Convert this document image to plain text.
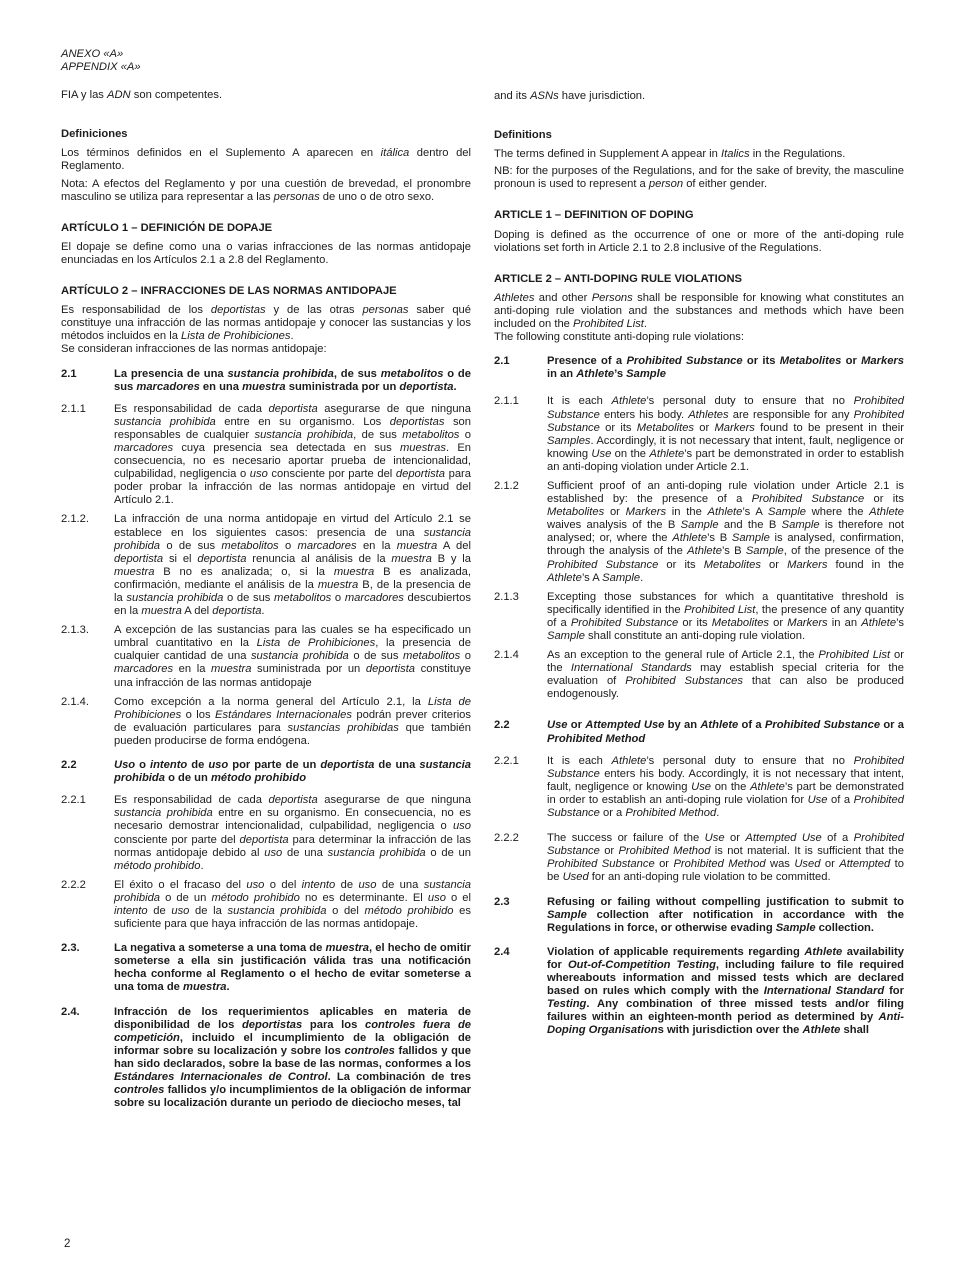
ANEXO «A»
APPENDIX «A»
FIA y las ADN son competentes.
Definiciones
Los términos definidos en el Suplemento A aparecen en itálica dentro del Reglamento.
Nota: A efectos del Reglamento y por una cuestión de brevedad, el pronombre masculino se utiliza para representar a las personas de uno o de otro sexo.
ARTÍCULO 1 – DEFINICIÓN DE DOPAJE
El dopaje se define como una o varias infracciones de las normas antidopaje enunciadas en los Artículos 2.1 a 2.8 del Reglamento.
ARTÍCULO 2 – INFRACCIONES DE LAS NORMAS ANTIDOPAJE
Es responsabilidad de los deportistas y de las otras personas saber qué constituye una infracción de las normas antidopaje y conocer las sustancias y los métodos incluidos en la Lista de Prohibiciones.
Se consideran infracciones de las normas antidopaje:
2.1	La presencia de una sustancia prohibida, de sus metabolitos o de sus marcadores en una muestra suministrada por un deportista.
2.1.1	Es responsabilidad de cada deportista asegurarse de que ninguna sustancia prohibida entre en su organismo. Los deportistas son responsables de cualquier sustancia prohibida, de sus metabolitos o marcadores cuya presencia sea detectada en sus muestras. En consecuencia, no es necesario aportar prueba de intencionalidad, culpabilidad, negligencia o uso consciente por parte del deportista para poder probar la infracción de las normas antidopaje en virtud del Artículo 2.1.
2.1.2.	La infracción de una norma antidopaje en virtud del Artículo 2.1 se establece en los siguientes casos: presencia de una sustancia prohibida o de sus metabolitos o marcadores en la muestra A del deportista si el deportista renuncia al análisis de la muestra B y la muestra B no es analizada; o, si la muestra B es analizada, confirmación, mediante el análisis de la muestra B, de la presencia de la sustancia prohibida o de sus metabolitos o marcadores descubiertos en la muestra A del deportista.
2.1.3.	A excepción de las sustancias para las cuales se ha especificado un umbral cuantitativo en la Lista de Prohibiciones, la presencia de cualquier cantidad de una sustancia prohibida o de sus metabolitos o marcadores en la muestra suministrada por un deportista constituye una infracción de las normas antidopaje
2.1.4.	Como excepción a la norma general del Artículo 2.1, la Lista de Prohibiciones o los Estándares Internacionales podrán prever criterios de evaluación particulares para sustancias prohibidas que también pueden producirse de forma endógena.
2.2	Uso o intento de uso por parte de un deportista de una sustancia prohibida o de un método prohibido
2.2.1	Es responsabilidad de cada deportista asegurarse de que ninguna sustancia prohibida entre en su organismo. En consecuencia, no es necesario demostrar intencionalidad, culpabilidad, negligencia o uso consciente por parte del deportista para determinar la infracción de las normas antidopaje debido al uso de una sustancia prohibida o de un método prohibido.
2.2.2	El éxito o el fracaso del uso o del intento de uso de una sustancia prohibida o de un método prohibido no es determinante. El uso o el intento de uso de la sustancia prohibida o del método prohibido es suficiente para que haya infracción de las normas antidopaje.
2.3.	La negativa a someterse a una toma de muestra, el hecho de omitir someterse a ella sin justificación válida tras una notificación hecha conforme al Reglamento o el hecho de evitar someterse a una toma de muestra.
2.4.	Infracción de los requerimientos aplicables en materia de disponibilidad de los deportistas para los controles fuera de competición, incluido el incumplimiento de la obligación de informar sobre su localización y sobre los controles fallidos y que han sido declarados, sobre la base de las normas, conformes a los Estándares Internacionales de Control. La combinación de tres controles fallidos y/o incumplimientos de la obligación de informar sobre su localización durante un periodo de dieciocho meses, tal
and its ASNs have jurisdiction.
Definitions
The terms defined in Supplement A appear in Italics in the Regulations.
NB: for the purposes of the Regulations, and for the sake of brevity, the masculine pronoun is used to represent a person of either gender.
ARTICLE 1 – DEFINITION OF DOPING
Doping is defined as the occurrence of one or more of the anti-doping rule violations set forth in Article 2.1 to 2.8 inclusive of the Regulations.
ARTICLE 2 – ANTI-DOPING RULE VIOLATIONS
Athletes and other Persons shall be responsible for knowing what constitutes an anti-doping rule violation and the substances and methods which have been included on the Prohibited List.
The following constitute anti-doping rule violations:
2.1	Presence of a Prohibited Substance or its Metabolites or Markers in an Athlete’s Sample
2.1.1	It is each Athlete’s personal duty to ensure that no Prohibited Substance enters his body. Athletes are responsible for any Prohibited Substance or its Metabolites or Markers found to be present in their Samples. Accordingly, it is not necessary that intent, fault, negligence or knowing Use on the Athlete’s part be demonstrated in order to establish an anti-doping violation under Article 2.1.
2.1.2	Sufficient proof of an anti-doping rule violation under Article 2.1 is established by: the presence of a Prohibited Substance or its Metabolites or Markers in the Athlete’s A Sample where the Athlete waives analysis of the B Sample and the B Sample is therefore not analysed; or, where the Athlete’s B Sample is analysed, confirmation, through the analysis of the Athlete’s B Sample, of the presence of the Prohibited Substance or its Metabolites or Markers found in the Athlete’s A Sample.
2.1.3	Excepting those substances for which a quantitative threshold is specifically identified in the Prohibited List, the presence of any quantity of a Prohibited Substance or its Metabolites or Markers in an Athlete’s Sample shall constitute an anti-doping rule violation.
2.1.4	As an exception to the general rule of Article 2.1, the Prohibited List or the International Standards may establish special criteria for the evaluation of Prohibited Substances that can also be produced endogenously.
2.2	Use or Attempted Use by an Athlete of a Prohibited Substance or a Prohibited Method
2.2.1	It is each Athlete’s personal duty to ensure that no Prohibited Substance enters his body. Accordingly, it is not necessary that intent, fault, negligence or knowing Use on the Athlete’s part be demonstrated in order to establish an anti-doping rule violation for Use of a Prohibited Substance or a Prohibited Method.
2.2.2	The success or failure of the Use or Attempted Use of a Prohibited Substance or Prohibited Method is not material. It is sufficient that the Prohibited Substance or Prohibited Method was Used or Attempted to be Used for an anti-doping rule violation to be committed.
2.3	Refusing or failing without compelling justification to submit to Sample collection after notification in accordance with the Regulations in force, or otherwise evading Sample collection.
2.4	Violation of applicable requirements regarding Athlete availability for Out-of-Competition Testing, including failure to file required whereabouts information and missed tests which are declared based on rules which comply with the International Standard for Testing. Any combination of three missed tests and/or filing failures within an eighteen-month period as determined by Anti-Doping Organisations with jurisdiction over the Athlete shall
2
